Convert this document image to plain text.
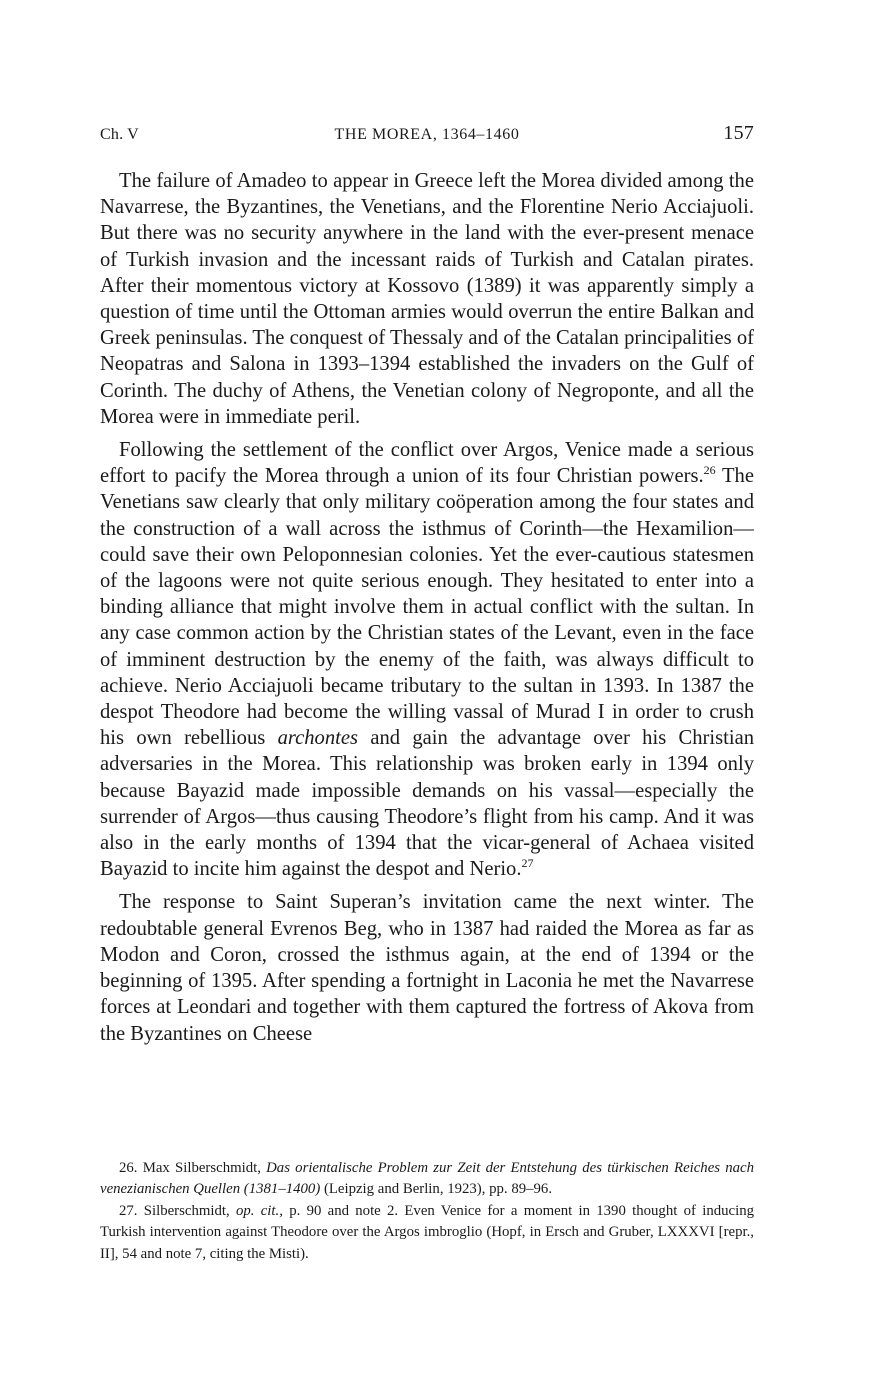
Ch. V	THE MOREA, 1364–1460	157

The failure of Amadeo to appear in Greece left the Morea divided among the Navarrese, the Byzantines, the Venetians, and the Florentine Nerio Acciajuoli. But there was no security anywhere in the land with the ever-present menace of Turkish invasion and the incessant raids of Turkish and Catalan pirates. After their momentous victory at Kossovo (1389) it was apparently simply a question of time until the Ottoman armies would overrun the entire Balkan and Greek peninsulas. The conquest of Thessaly and of the Catalan principalities of Neopatras and Salona in 1393–1394 established the invaders on the Gulf of Corinth. The duchy of Athens, the Venetian colony of Negroponte, and all the Morea were in immediate peril.

Following the settlement of the conflict over Argos, Venice made a serious effort to pacify the Morea through a union of its four Christian powers.$^{26}$ The Venetians saw clearly that only military coöperation among the four states and the construction of a wall across the isthmus of Corinth—the Hexamilion—could save their own Peloponnesian colonies. Yet the ever-cautious statesmen of the lagoons were not quite serious enough. They hesitated to enter into a binding alliance that might involve them in actual conflict with the sultan. In any case common action by the Christian states of the Levant, even in the face of imminent destruction by the enemy of the faith, was always difficult to achieve. Nerio Acciajuoli became tributary to the sultan in 1393. In 1387 the despot Theodore had become the willing vassal of Murad I in order to crush his own rebellious archontes and gain the advantage over his Christian adversaries in the Morea. This relationship was broken early in 1394 only because Bayazid made impossible demands on his vassal—especially the surrender of Argos—thus causing Theodore’s flight from his camp. And it was also in the early months of 1394 that the vicar-general of Achaea visited Bayazid to incite him against the despot and Nerio.$^{27}$

The response to Saint Superan’s invitation came the next winter. The redoubtable general Evrenos Beg, who in 1387 had raided the Morea as far as Modon and Coron, crossed the isthmus again, at the end of 1394 or the beginning of 1395. After spending a fortnight in Laconia he met the Navarrese forces at Leondari and together with them captured the fortress of Akova from the Byzantines on Cheese

26. Max Silberschmidt, Das orientalische Problem zur Zeit der Entstehung des türkischen Reiches nach venezianischen Quellen (1381–1400) (Leipzig and Berlin, 1923), pp. 89–96.

27. Silberschmidt, op. cit., p. 90 and note 2. Even Venice for a moment in 1390 thought of inducing Turkish intervention against Theodore over the Argos imbroglio (Hopf, in Ersch and Gruber, LXXXVI [repr., II], 54 and note 7, citing the Misti).
